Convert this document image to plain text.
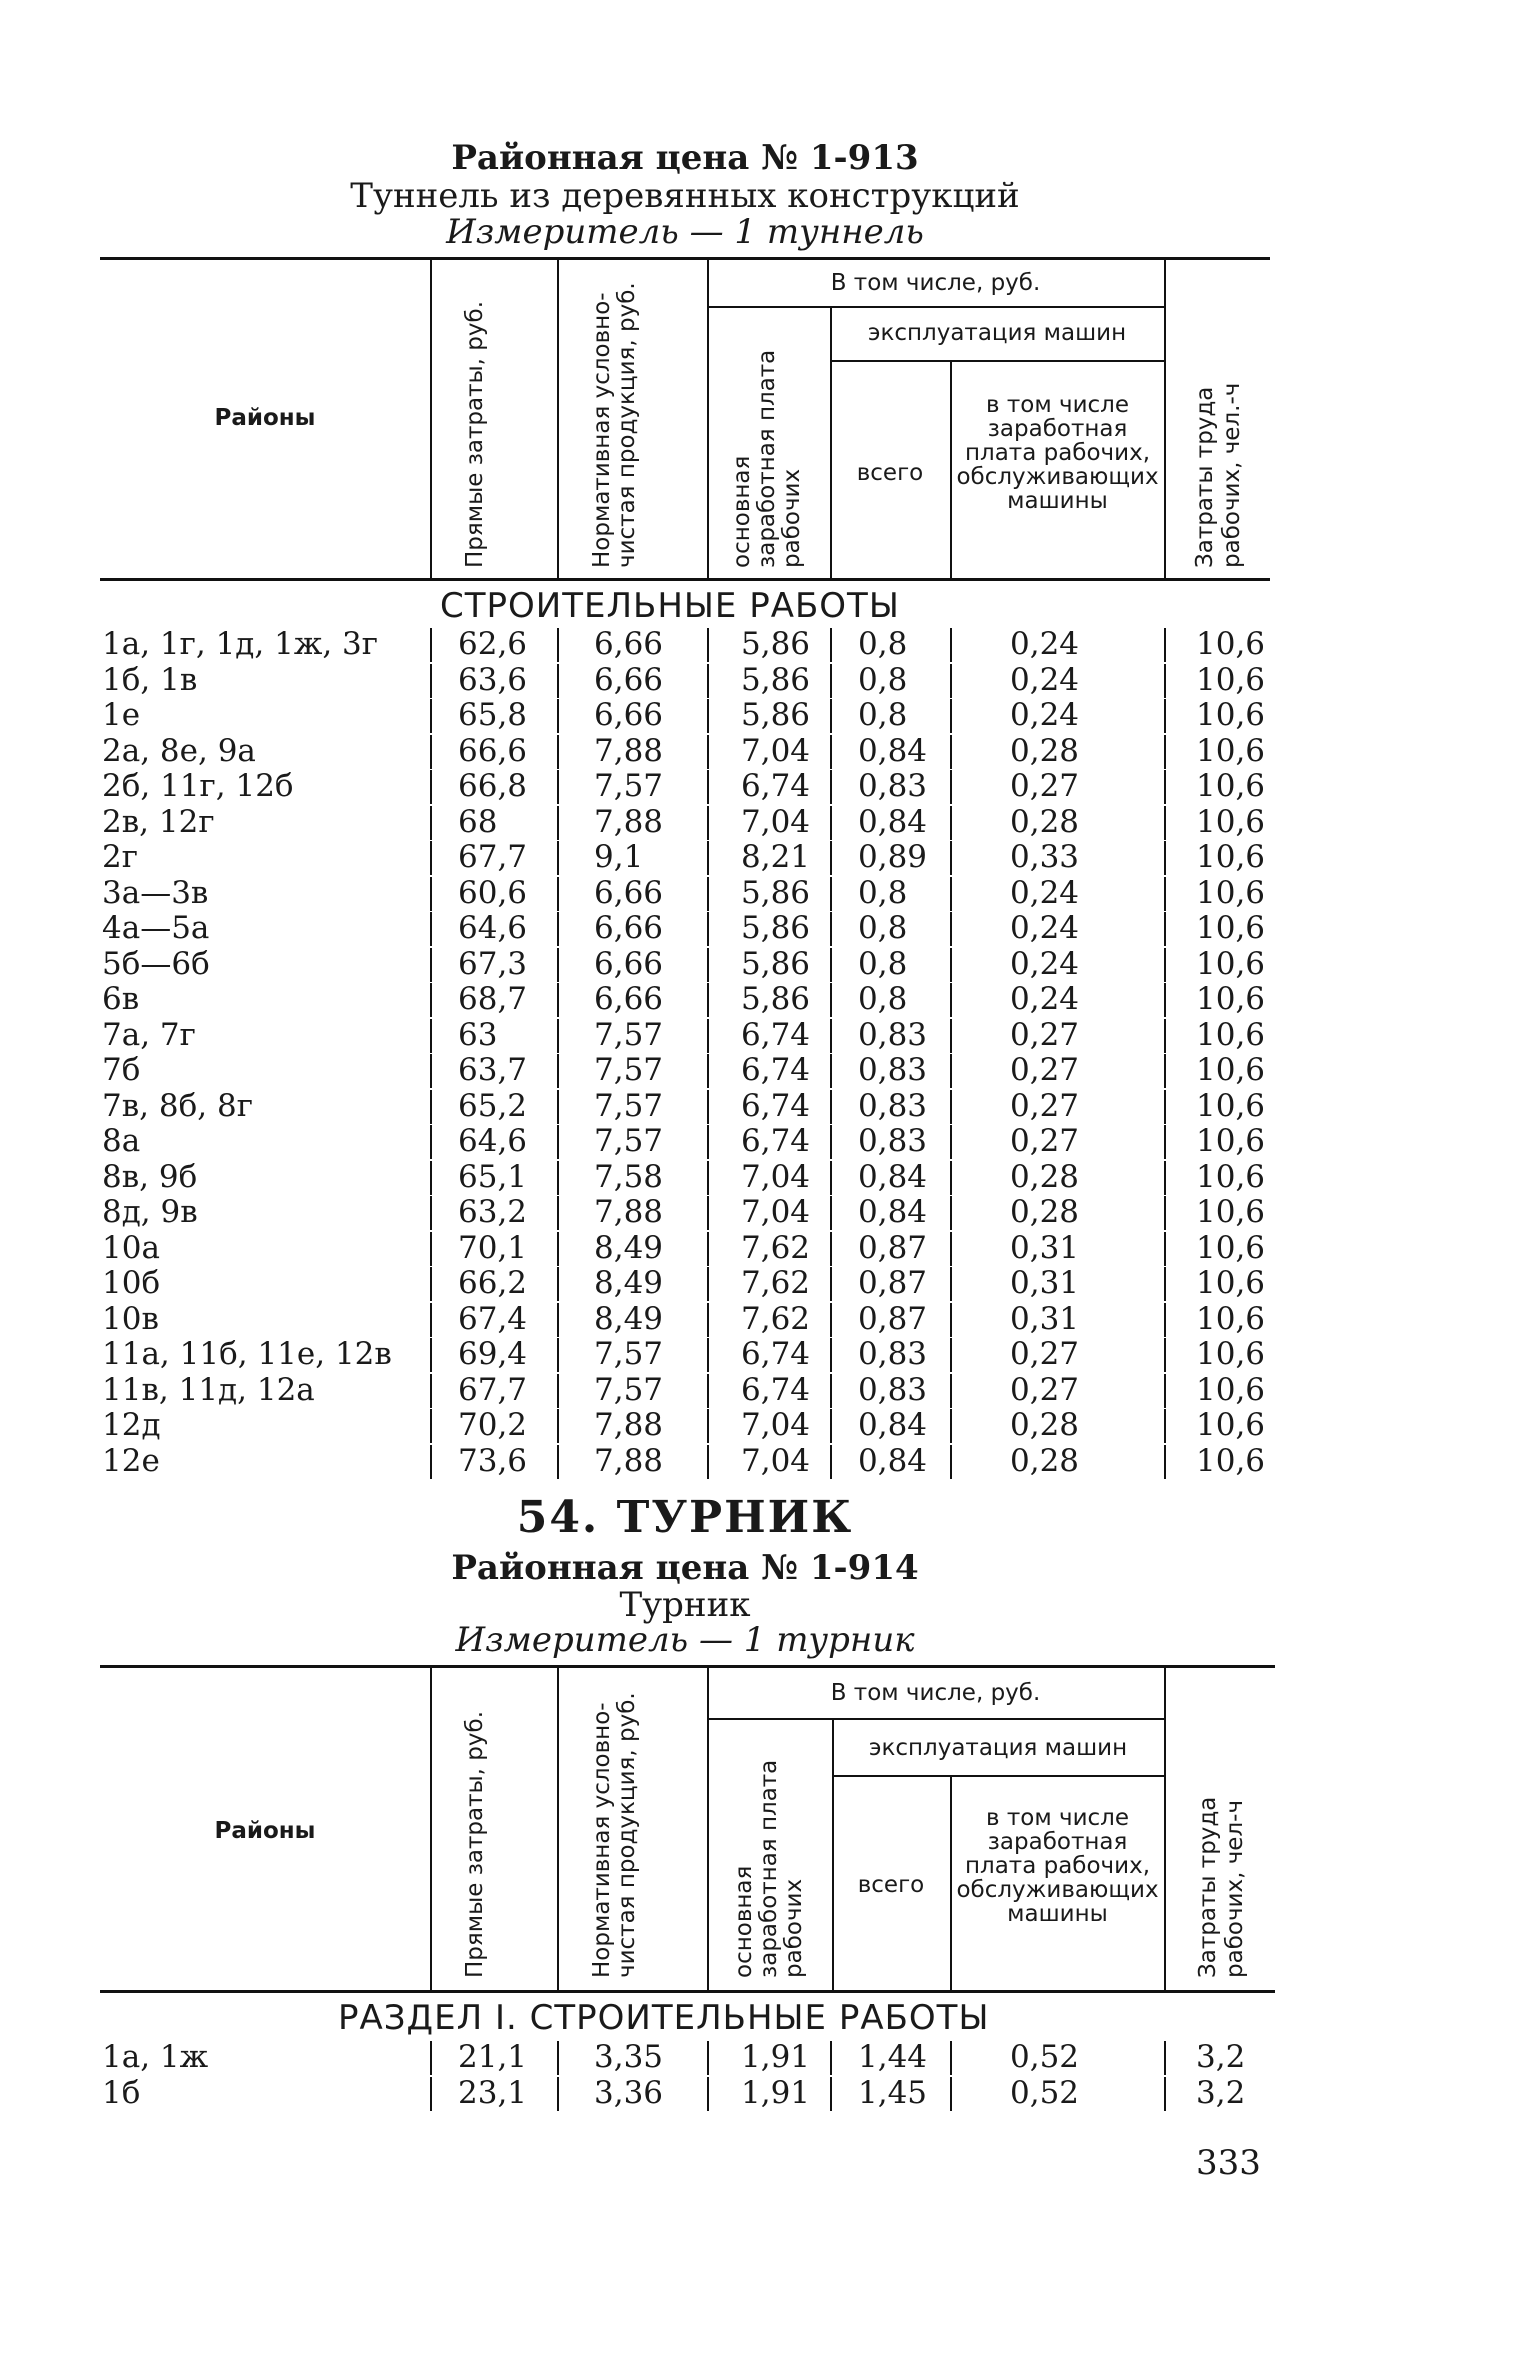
Районная цена № 1-913
Туннель из деревянных конструкций
Измеритель — 1 туннель
Районы	Прямые затраты, руб.	Нормативная условно-чистая продукция, руб.	В том числе, руб.
основная заработная плата рабочих
эксплуатация машин
всего
в том числе заработная плата рабочих, обслуживающих машины	Затраты труда рабочих, чел.-ч
СТРОИТЕЛЬНЫЕ РАБОТЫ
1а, 1г, 1д, 1ж, 3г	62,6 6,66	5,86 0,8	0,24	10,6
1б, 1в	63,6 6,66	5,86 0,8	0,24	10,6
1е	65,8 6,66	5,86 0,8	0,24	10,6
2а, 8е, 9а	66,6 7,88	7,04 0,84	0,28	10,6
2б, 11г, 12б	66,8 7,57	6,74 0,83	0,27	10,6
2в, 12г	68	7,88	7,04 0,84	0,28	10,6
2г	67,7 9,1	8,21 0,89	0,33	10,6
3а—3в	60,6 6,66	5,86 0,8	0,24	10,6
4а—5а	64,6 6,66	5,86 0,8	0,24	10,6
5б—6б	67,3 6,66	5,86 0,8	0,24	10,6
6в	68,7 6,66	5,86 0,8	0,24	10,6
7а, 7г	63	7,57	6,74 0,83	0,27	10,6
7б	63,7 7,57	6,74 0,83	0,27	10,6
7в, 8б, 8г	65,2 7,57	6,74 0,83	0,27	10,6
8а	64,6 7,57	6,74 0,83	0,27	10,6
8в, 9б	65,1 7,58	7,04 0,84	0,28	10,6
8д, 9в	63,2 7,88	7,04 0,84	0,28	10,6
10а	70,1 8,49	7,62 0,87	0,31	10,6
10б	66,2 8,49	7,62 0,87	0,31	10,6
10в	67,4 8,49	7,62 0,87	0,31	10,6
11а, 11б, 11е, 12в 69,4 7,57	6,74 0,83	0,27	10,6
11в, 11д, 12а	67,7 7,57	6,74 0,83	0,27	10,6
12д	70,2 7,88	7,04 0,84	0,28	10,6
12е	73,6 7,88	7,04 0,84	0,28	10,6
54. ТУРНИК
Районная цена № 1-914
Турник
Измеритель — 1 турник
Районы	Прямые затраты, руб.	Нормативная условно-чистая продукция, руб.	В том числе, руб.
основная заработная плата рабочих
эксплуатация машин
всего
в том числе заработная плата рабочих, обслуживающих машины	Затраты труда рабочих, чел-ч
РАЗДЕЛ I. СТРОИТЕЛЬНЫЕ РАБОТЫ
1а, 1ж	21,1 3,35	1,91 1,44	0,52	3,2
1б	23,1 3,36	1,91 1,45	0,52	3,2
333
